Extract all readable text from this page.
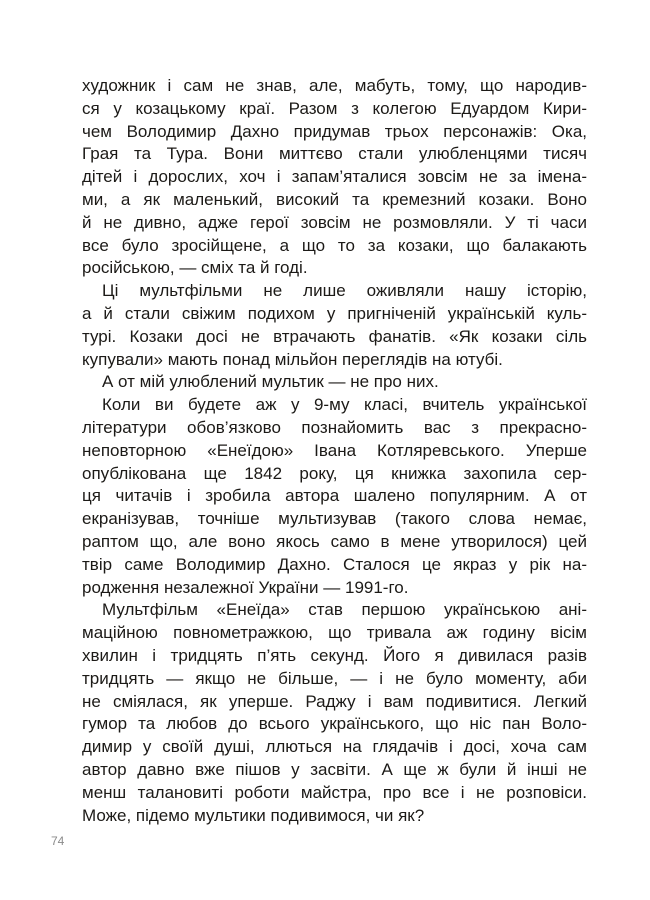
художник і сам не знав, але, мабуть, тому, що народив-
ся у козацькому краї. Разом з колегою Едуардом Кири-
чем Володимир Дахно придумав трьох персонажів: Ока,
Грая та Тура. Вони миттєво стали улюбленцями тисяч
дітей і дорослих, хоч і запам’яталися зовсім не за імена-
ми, а як маленький, високий та кремезний козаки. Воно
й не дивно, адже герої зовсім не розмовляли. У ті часи
все було зросійщене, а що то за козаки, що балакають
російською, — сміх та й годі.
Ці мультфільми не лише оживляли нашу історію,
а й стали свіжим подихом у пригніченій українській куль-
турі. Козаки досі не втрачають фанатів. «Як козаки сіль
купували» мають понад мільйон переглядів на ютубі.
А от мій улюблений мультик — не про них.
Коли ви будете аж у 9-му класі, вчитель української
літератури обов’язково познайомить вас з прекрасно-
неповторною «Енеїдою» Івана Котляревського. Уперше
опублікована ще 1842 року, ця книжка захопила сер-
ця читачів і зробила автора шалено популярним. А от
екранізував, точніше мультизував (такого слова немає,
раптом що, але воно якось само в мене утворилося) цей
твір саме Володимир Дахно. Сталося це якраз у рік на-
родження незалежної України — 1991-го.
Мультфільм «Енеїда» став першою українською ані-
маційною повнометражкою, що тривала аж годину вісім
хвилин і тридцять п’ять секунд. Його я дивилася разів
тридцять — якщо не більше, — і не було моменту, аби
не сміялася, як уперше. Раджу і вам подивитися. Легкий
гумор та любов до всього українського, що ніс пан Воло-
димир у своїй душі, ллються на глядачів і досі, хоча сам
автор давно вже пішов у засвіти. А ще ж були й інші не
менш талановиті роботи майстра, про все і не розповіси.
Може, підемо мультики подивимося, чи як?
74
